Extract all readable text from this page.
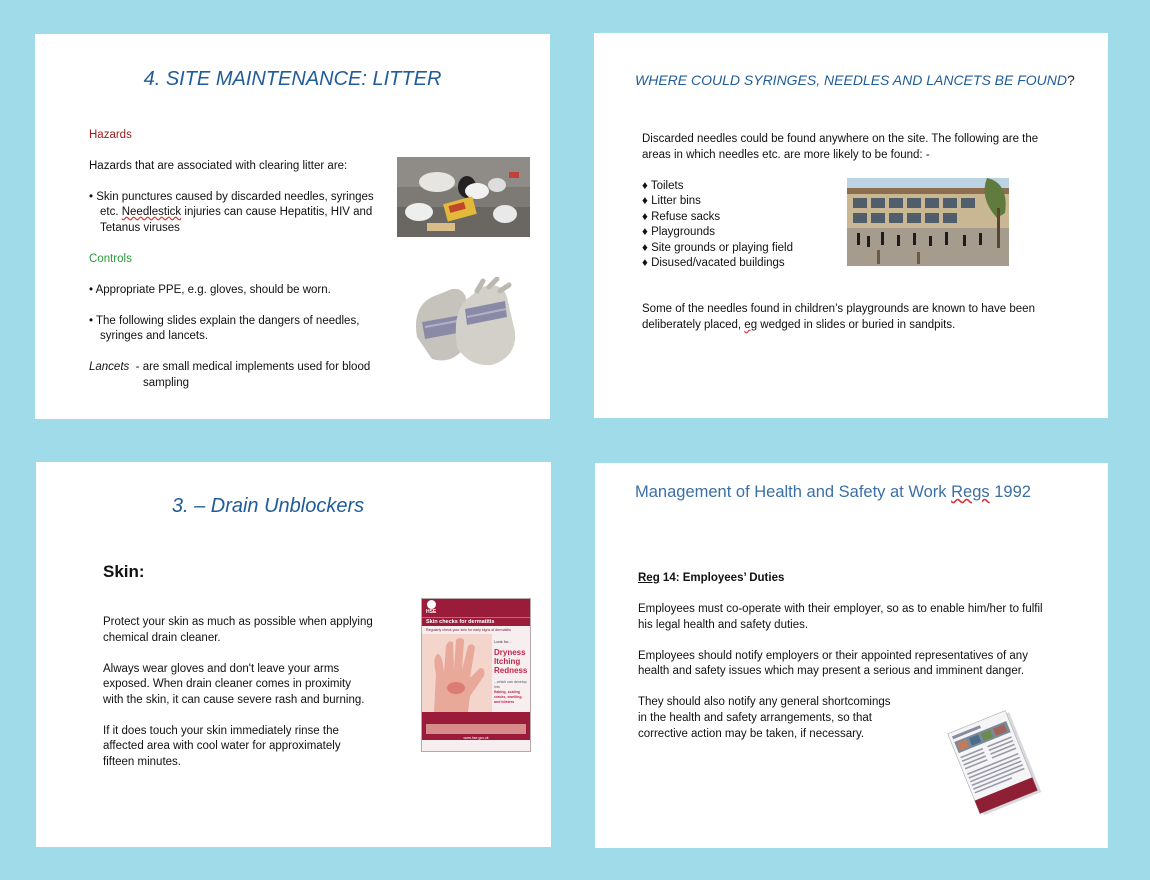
4. SITE MAINTENANCE: LITTER
Hazards
Hazards that are associated with clearing litter are:
• Skin punctures caused by discarded needles, syringes
etc. Needlestick injuries can cause Hepatitis, HIV and
Tetanus viruses
Controls
• Appropriate PPE, e.g. gloves, should be worn.
• The following slides explain the dangers of needles,
syringes and lancets.
Lancets - are small medical implements used for blood
sampling
WHERE COULD SYRINGES, NEEDLES AND LANCETS BE FOUND?
Discarded needles could be found anywhere on the site. The following are the
areas in which needles etc. are more likely to be found: -
♦ Toilets
♦ Litter bins
♦ Refuse sacks
♦ Playgrounds
♦ Site grounds or playing field
♦ Disused/vacated buildings
Some of the needles found in children’s playgrounds are known to have been
deliberately placed, eg wedged in slides or buried in sandpits.
3. – Drain Unblockers
Skin:
Protect your skin as much as possible when applying
chemical drain cleaner.
Always wear gloves and don't leave your arms
exposed. When drain cleaner comes in proximity
with the skin, it can cause severe rash and burning.
If it does touch your skin immediately rinse the
affected area with cool water for approximately
fifteen minutes.
HSE
Skin checks for dermatitis
Regularly check your skin for early signs of dermatitis
Look for...
Dryness
Itching
Redness
...which can develop into
flaking, scaling
cracks, swelling
and blisters
www.hse.gov.uk
Management of Health and Safety at Work Regs 1992
Reg 14: Employees’ Duties
Employees must co-operate with their employer, so as to enable him/her to fulfil
his legal health and safety duties.
Employees should notify employers or their appointed representatives of any
health and safety issues which may present a serious and imminent danger.
They should also notify any general shortcomings
in the health and safety arrangements, so that
corrective action may be taken, if necessary.
